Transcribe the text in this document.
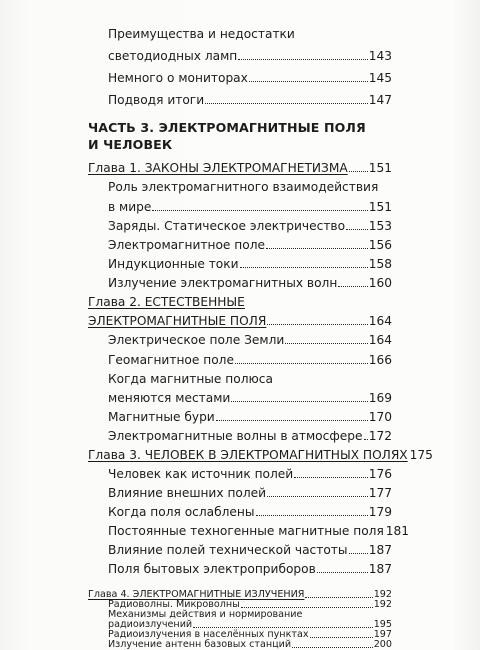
Преимущества и недостатки
светодиодных ламп	143
Немного о мониторах	145
Подводя итоги	147
ЧАСТЬ 3. ЭЛЕКТРОМАГНИТНЫЕ ПОЛЯ
И ЧЕЛОВЕК
Глава 1. ЗАКОНЫ ЭЛЕКТРОМАГНЕТИЗМА 151
Роль электромагнитного взаимодействия
в мире	151
Заряды. Статическое электричество 153
Электромагнитное поле	156
Индукционные токи	158
Излучение электромагнитных волн	160
Глава 2. ЕСТЕСТВЕННЫЕ
ЭЛЕКТРОМАГНИТНЫЕ ПОЛЯ	164
Электрическое поле Земли	164
Геомагнитное поле	166
Когда магнитные полюса
меняются местами	169
Магнитные бури	170
Электромагнитные волны в атмосфере 172
Глава 3. ЧЕЛОВЕК В ЭЛЕКТРОМАГНИТНЫХ ПОЛЯХ 175
Человек как источник полей	176
Влияние внешних полей	177
Когда поля ослаблены	179
Постоянные техногенные магнитные поля 181
Влияние полей технической частоты 187
Поля бытовых электроприборов	187
Глава 4. ЭЛЕКТРОМАГНИТНЫЕ ИЗЛУЧЕНИЯ	192
Радиоволны. Микроволны	192
Механизмы действия и нормирование
радиоизлучений	195
Радиоизлучения в населённых пунктах	197
Излучение антенн базовых станций	200
